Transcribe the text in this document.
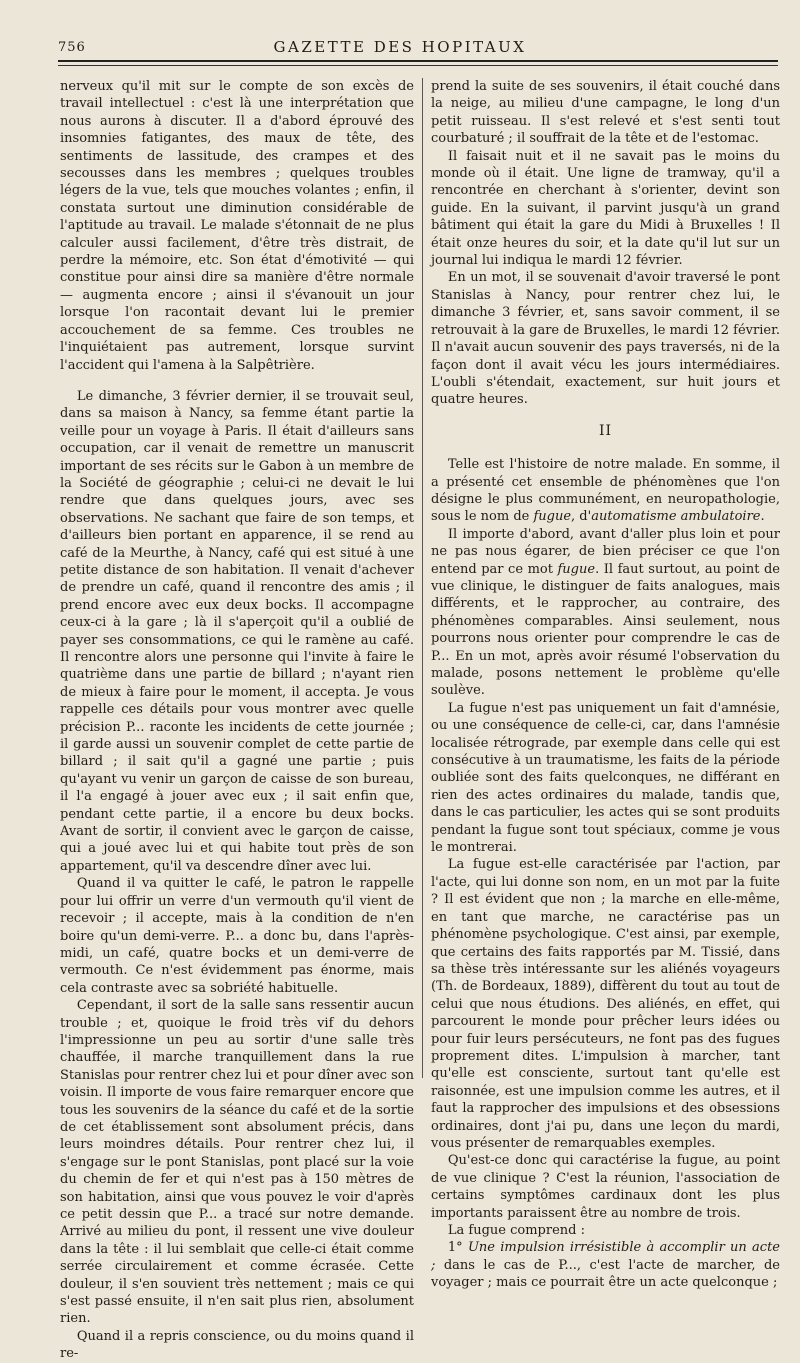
756	GAZETTE DES HOPITAUX

nerveux qu'il mit sur le compte de son excès de travail intellectuel : c'est là une interprétation que nous aurons à discuter. Il a d'abord éprouvé des insomnies fatigantes, des maux de tête, des sentiments de lassitude, des crampes et des secousses dans les membres ; quelques troubles légers de la vue, tels que mouches volantes ; enfin, il constata surtout une diminution considérable de l'aptitude au travail. Le malade s'étonnait de ne plus calculer aussi facilement, d'être très distrait, de perdre la mémoire, etc. Son état d'émotivité — qui constitue pour ainsi dire sa manière d'être normale — augmenta encore ; ainsi il s'évanouit un jour lorsque l'on racontait devant lui le premier accouchement de sa femme. Ces troubles ne l'inquiétaient pas autrement, lorsque survint l'accident qui l'amena à la Salpêtrière.

Le dimanche, 3 février dernier, il se trouvait seul, dans sa maison à Nancy, sa femme étant partie la veille pour un voyage à Paris. Il était d'ailleurs sans occupation, car il venait de remettre un manuscrit important de ses récits sur le Gabon à un membre de la Société de géographie ; celui-ci ne devait le lui rendre que dans quelques jours, avec ses observations. Ne sachant que faire de son temps, et d'ailleurs bien portant en apparence, il se rend au café de la Meurthe, à Nancy, café qui est situé à une petite distance de son habitation. Il venait d'achever de prendre un café, quand il rencontre des amis ; il prend encore avec eux deux bocks. Il accompagne ceux-ci à la gare ; là il s'aperçoit qu'il a oublié de payer ses consommations, ce qui le ramène au café. Il rencontre alors une personne qui l'invite à faire le quatrième dans une partie de billard ; n'ayant rien de mieux à faire pour le moment, il accepta. Je vous rappelle ces détails pour vous montrer avec quelle précision P... raconte les incidents de cette journée ; il garde aussi un souvenir complet de cette partie de billard ; il sait qu'il a gagné une partie ; puis qu'ayant vu venir un garçon de caisse de son bureau, il l'a engagé à jouer avec eux ; il sait enfin que, pendant cette partie, il a encore bu deux bocks. Avant de sortir, il convient avec le garçon de caisse, qui a joué avec lui et qui habite tout près de son appartement, qu'il va descendre dîner avec lui.

Quand il va quitter le café, le patron le rappelle pour lui offrir un verre d'un vermouth qu'il vient de recevoir ; il accepte, mais à la condition de n'en boire qu'un demi-verre. P... a donc bu, dans l'après-midi, un café, quatre bocks et un demi-verre de vermouth. Ce n'est évidemment pas énorme, mais cela contraste avec sa sobriété habituelle.

Cependant, il sort de la salle sans ressentir aucun trouble ; et, quoique le froid très vif du dehors l'impressionne un peu au sortir d'une salle très chauffée, il marche tranquillement dans la rue Stanislas pour rentrer chez lui et pour dîner avec son voisin. Il importe de vous faire remarquer encore que tous les souvenirs de la séance du café et de la sortie de cet établissement sont absolument précis, dans leurs moindres détails. Pour rentrer chez lui, il s'engage sur le pont Stanislas, pont placé sur la voie du chemin de fer et qui n'est pas à 150 mètres de son habitation, ainsi que vous pouvez le voir d'après ce petit dessin que P... a tracé sur notre demande. Arrivé au milieu du pont, il ressent une vive douleur dans la tête : il lui semblait que celle-ci était comme serrée circulairement et comme écrasée. Cette douleur, il s'en souvient très nettement ; mais ce qui s'est passé ensuite, il n'en sait plus rien, absolument rien.

Quand il a repris conscience, ou du moins quand il re-

prend la suite de ses souvenirs, il était couché dans la neige, au milieu d'une campagne, le long d'un petit ruisseau. Il s'est relevé et s'est senti tout courbaturé ; il souffrait de la tête et de l'estomac.

Il faisait nuit et il ne savait pas le moins du monde où il était. Une ligne de tramway, qu'il a rencontrée en cherchant à s'orienter, devint son guide. En la suivant, il parvint jusqu'à un grand bâtiment qui était la gare du Midi à Bruxelles ! Il était onze heures du soir, et la date qu'il lut sur un journal lui indiqua le mardi 12 février.

En un mot, il se souvenait d'avoir traversé le pont Stanislas à Nancy, pour rentrer chez lui, le dimanche 3 février, et, sans savoir comment, il se retrouvait à la gare de Bruxelles, le mardi 12 février. Il n'avait aucun souvenir des pays traversés, ni de la façon dont il avait vécu les jours intermédiaires. L'oubli s'étendait, exactement, sur huit jours et quatre heures.

II

Telle est l'histoire de notre malade. En somme, il a présenté cet ensemble de phénomènes que l'on désigne le plus communément, en neuropathologie, sous le nom de fugue, d'automatisme ambulatoire.

Il importe d'abord, avant d'aller plus loin et pour ne pas nous égarer, de bien préciser ce que l'on entend par ce mot fugue. Il faut surtout, au point de vue clinique, le distinguer de faits analogues, mais différents, et le rapprocher, au contraire, des phénomènes comparables. Ainsi seulement, nous pourrons nous orienter pour comprendre le cas de P... En un mot, après avoir résumé l'observation du malade, posons nettement le problème qu'elle soulève.

La fugue n'est pas uniquement un fait d'amnésie, ou une conséquence de celle-ci, car, dans l'amnésie localisée rétrograde, par exemple dans celle qui est consécutive à un traumatisme, les faits de la période oubliée sont des faits quelconques, ne différant en rien des actes ordinaires du malade, tandis que, dans le cas particulier, les actes qui se sont produits pendant la fugue sont tout spéciaux, comme je vous le montrerai.

La fugue est-elle caractérisée par l'action, par l'acte, qui lui donne son nom, en un mot par la fuite ? Il est évident que non ; la marche en elle-même, en tant que marche, ne caractérise pas un phénomène psychologique. C'est ainsi, par exemple, que certains des faits rapportés par M. Tissié, dans sa thèse très intéressante sur les aliénés voyageurs (Th. de Bordeaux, 1889), diffèrent du tout au tout de celui que nous étudions. Des aliénés, en effet, qui parcourent le monde pour prêcher leurs idées ou pour fuir leurs persécuteurs, ne font pas des fugues proprement dites. L'impulsion à marcher, tant qu'elle est consciente, surtout tant qu'elle est raisonnée, est une impulsion comme les autres, et il faut la rapprocher des impulsions et des obsessions ordinaires, dont j'ai pu, dans une leçon du mardi, vous présenter de remarquables exemples.

Qu'est-ce donc qui caractérise la fugue, au point de vue clinique ? C'est la réunion, l'association de certains symptômes cardinaux dont les plus importants paraissent être au nombre de trois.

La fugue comprend :

1° Une impulsion irrésistible à accomplir un acte ; dans le cas de P..., c'est l'acte de marcher, de voyager ; mais ce pourrait être un acte quelconque ;
